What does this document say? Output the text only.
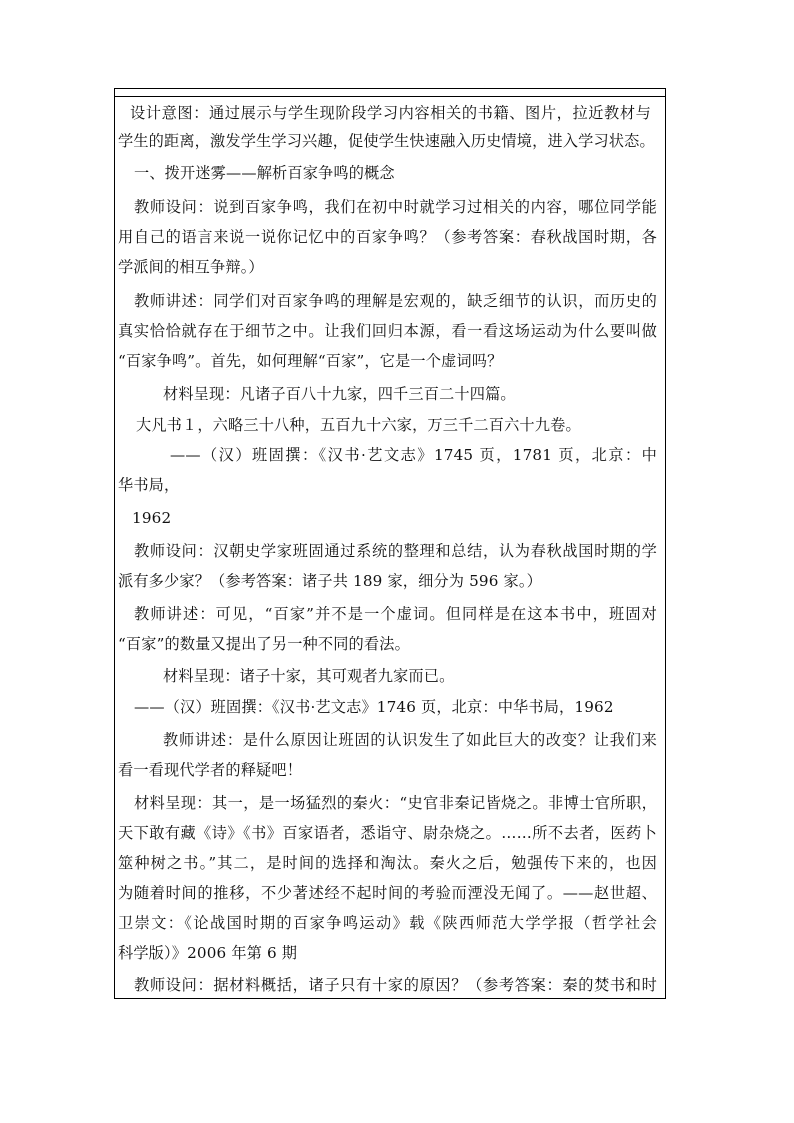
设计意图：通过展示与学生现阶段学习内容相关的书籍、图片，拉近教材与
学生的距离，激发学生学习兴趣，促使学生快速融入历史情境，进入学习状态。
一、拨开迷雾——解析百家争鸣的概念
教师设问：说到百家争鸣，我们在初中时就学习过相关的内容，哪位同学能
用自己的语言来说一说你记忆中的百家争鸣？（参考答案：春秋战国时期，各
学派间的相互争辩。）
教师讲述：同学们对百家争鸣的理解是宏观的，缺乏细节的认识，而历史的
真实恰恰就存在于细节之中。让我们回归本源，看一看这场运动为什么要叫做
“百家争鸣”。首先，如何理解“百家”，它是一个虚词吗？
材料呈现：凡诸子百八十九家，四千三百二十四篇。
大凡书１，六略三十八种，五百九十六家，万三千二百六十九卷。
——（汉）班固撰：《汉书·艺文志》1745 页，1781 页，北京：中
华书局，
1962
教师设问：汉朝史学家班固通过系统的整理和总结，认为春秋战国时期的学
派有多少家？（参考答案：诸子共 189 家，细分为 596 家。）
教师讲述：可见，“百家”并不是一个虚词。但同样是在这本书中，班固对
“百家”的数量又提出了另一种不同的看法。
材料呈现：诸子十家，其可观者九家而已。
——（汉）班固撰：《汉书·艺文志》1746 页，北京：中华书局，1962
教师讲述：是什么原因让班固的认识发生了如此巨大的改变？让我们来
看一看现代学者的释疑吧！
材料呈现：其一，是一场猛烈的秦火：“史官非秦记皆烧之。非博士官所职，
天下敢有藏《诗》《书》百家语者，悉诣守、尉杂烧之。……所不去者，医药卜
筮种树之书。”其二，是时间的选择和淘汰。秦火之后，勉强传下来的，也因
为随着时间的推移，不少著述经不起时间的考验而湮没无闻了。——赵世超、
卫崇文：《论战国时期的百家争鸣运动》载《陕西师范大学学报（哲学社会
科学版）》2006 年第 6 期
教师设问：据材料概括，诸子只有十家的原因？（参考答案：秦的焚书和时
